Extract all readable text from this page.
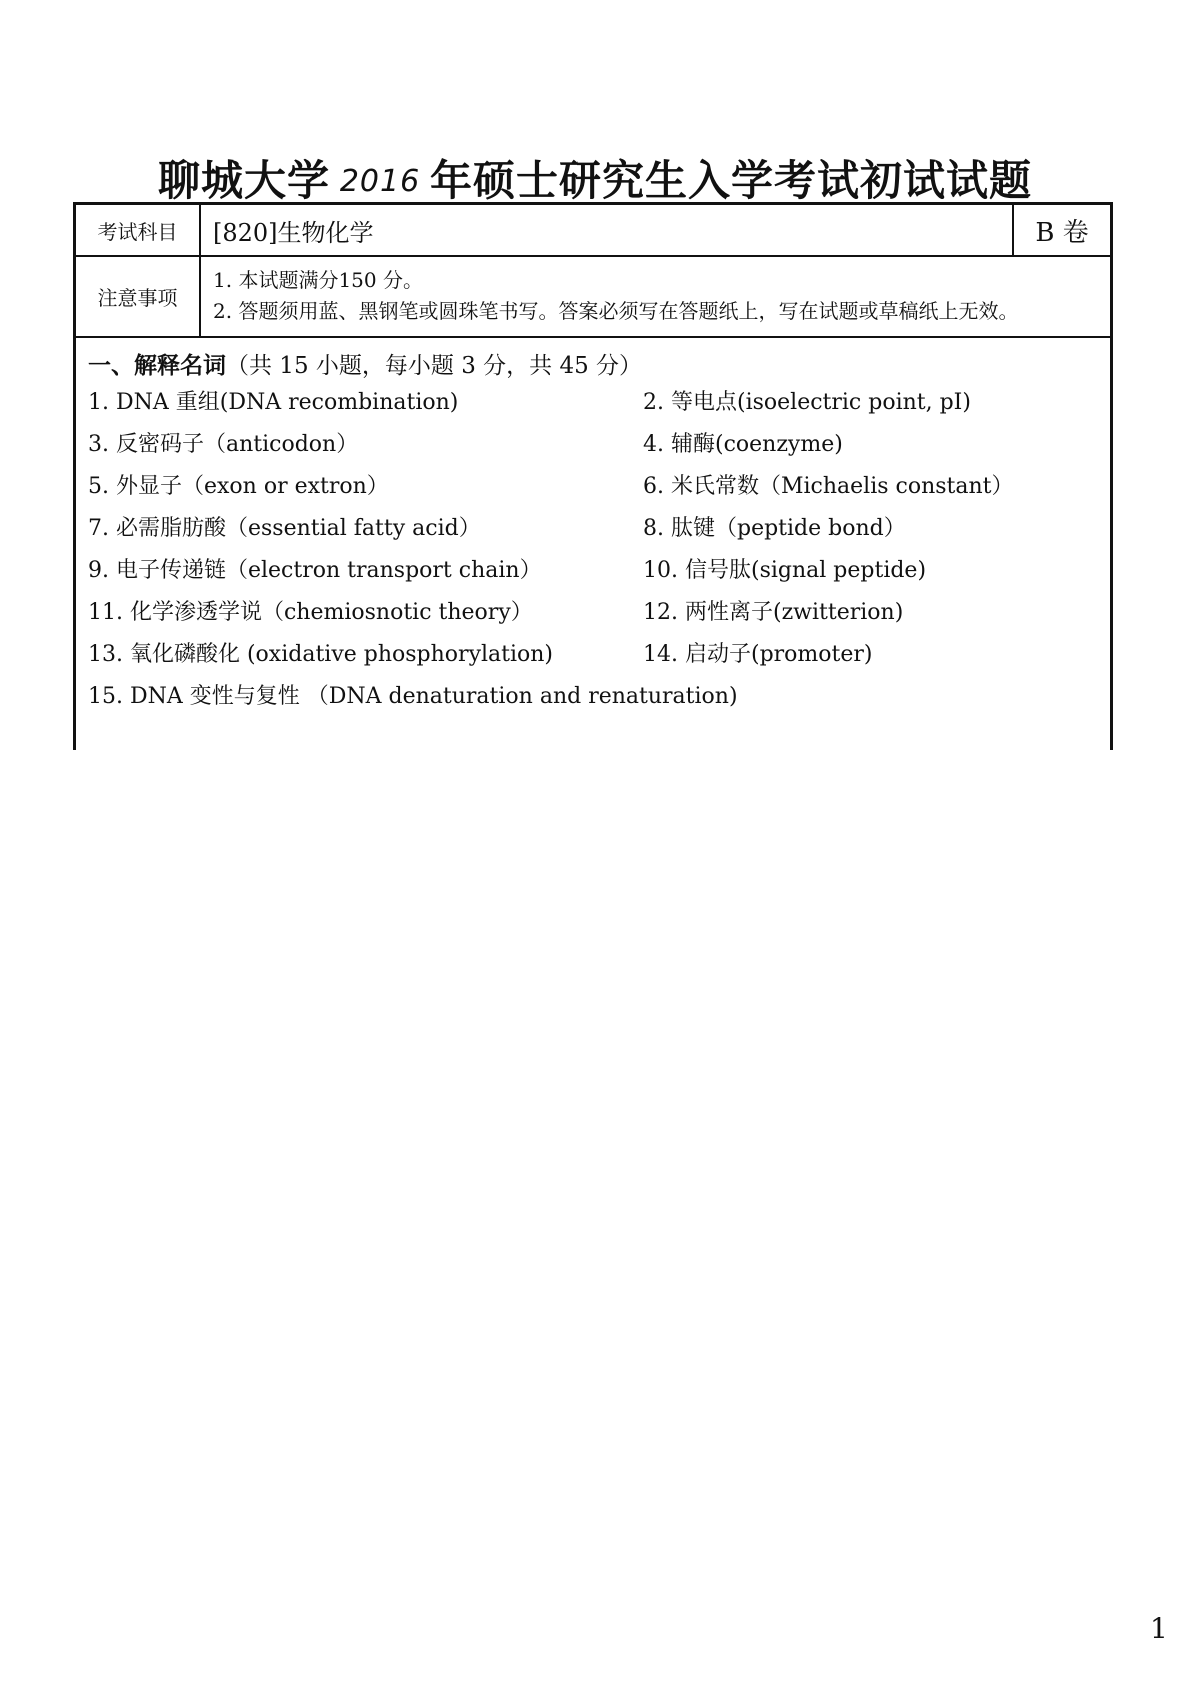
聊城大学 2016 年硕士研究生入学考试初试试题
考试科目	[820]生物化学	B 卷
注意事项
1. 本试题满分150 分。
2. 答题须用蓝、黑钢笔或圆珠笔书写。答案必须写在答题纸上，写在试题或草稿纸上无效。
一、解释名词（共 15 小题，每小题 3 分，共 45 分）
1. DNA 重组(DNA recombination)	2. 等电点(isoelectric point, pI)
3. 反密码子（anticodon）	4. 辅酶(coenzyme)
5. 外显子（exon or extron）	6. 米氏常数（Michaelis constant）
7. 必需脂肪酸（essential fatty acid）	8. 肽键（peptide bond）
9. 电子传递链（electron transport chain）	10. 信号肽(signal peptide)
11. 化学渗透学说（chemiosnotic theory）	12. 两性离子(zwitterion)
13. 氧化磷酸化 (oxidative phosphorylation)	14. 启动子(promoter)
15. DNA 变性与复性 （DNA denaturation and renaturation)
1
